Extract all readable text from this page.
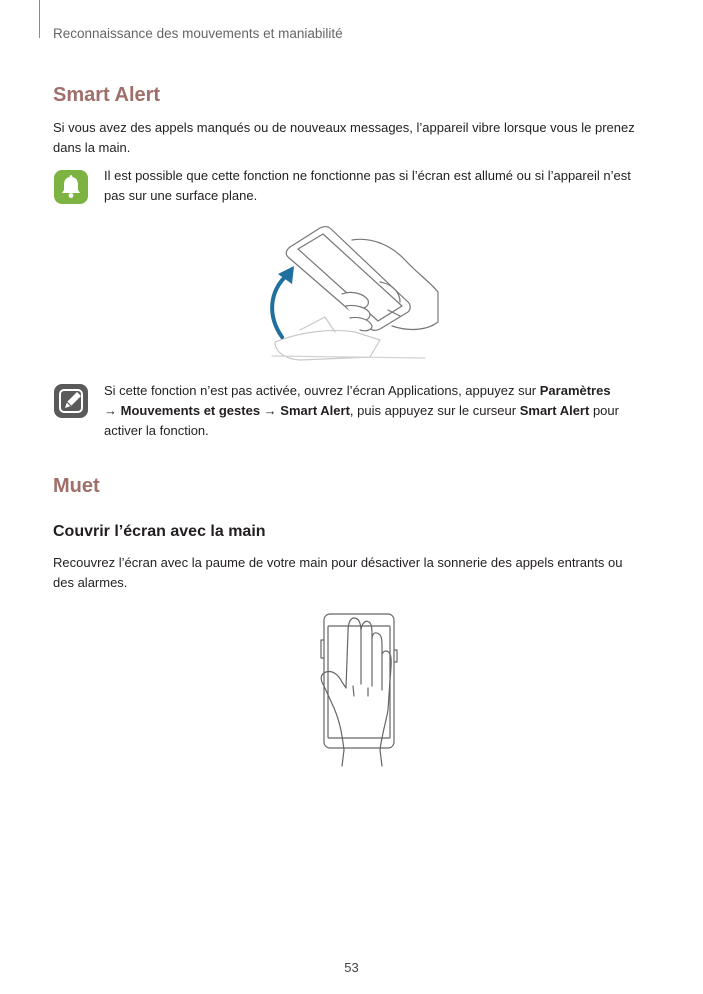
Reconnaissance des mouvements et maniabilité
Smart Alert
Si vous avez des appels manqués ou de nouveaux messages, l’appareil vibre lorsque vous le prenez
dans la main.
Il est possible que cette fonction ne fonctionne pas si l’écran est allumé ou si l’appareil n’est
pas sur une surface plane.
Si cette fonction n’est pas activée, ouvrez l’écran Applications, appuyez sur Paramètres
→ Mouvements et gestes → Smart Alert, puis appuyez sur le curseur Smart Alert pour
activer la fonction.
Muet
Couvrir l’écran avec la main
Recouvrez l’écran avec la paume de votre main pour désactiver la sonnerie des appels entrants ou
des alarmes.
53
